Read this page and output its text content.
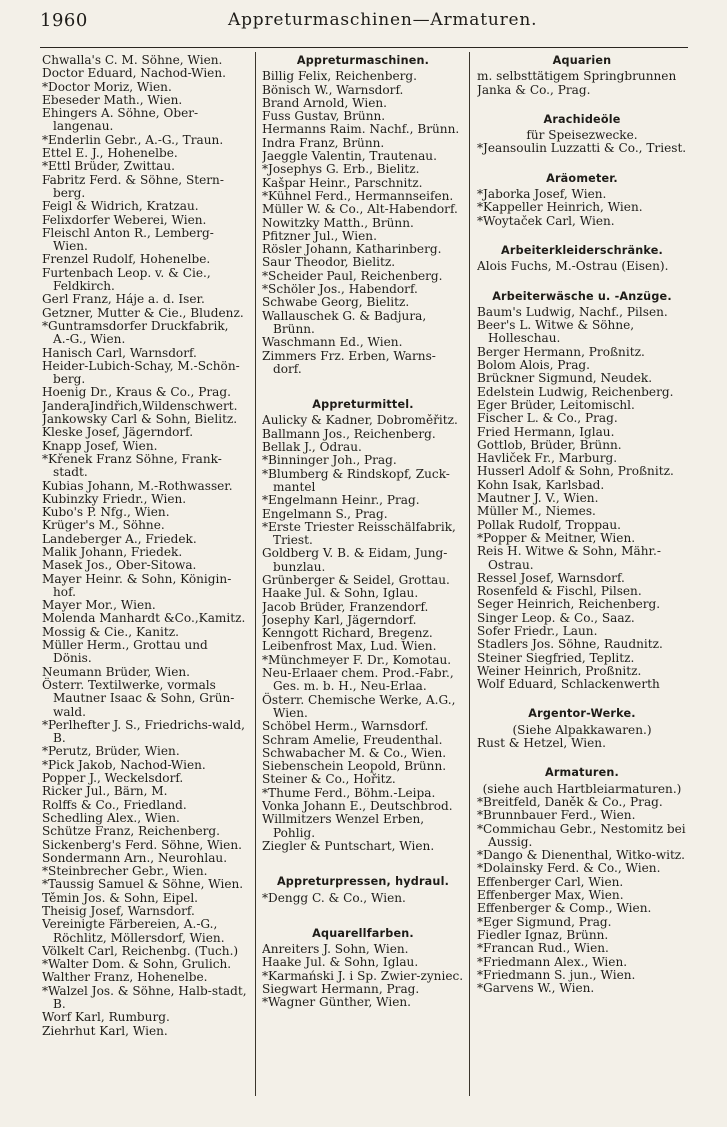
1960	Appreturmaschinen—Armaturen.
Chwalla's C. M. Söhne, Wien.
Doctor Eduard, Nachod-Wien.
*Doctor Moriz, Wien.
Ebeseder Math., Wien.
Ehingers A. Söhne, Ober-langenau.
*Enderlin Gebr., A.-G., Traun.
Ettel E. J., Hohenelbe.
*Ettl Brüder, Zwittau.
Fabritz Ferd. & Söhne, Stern-berg.
Feigl & Widrich, Kratzau.
Felixdorfer Weberei, Wien.
Fleischl Anton R., Lemberg-Wien.
Frenzel Rudolf, Hohenelbe.
Furtenbach Leop. v. & Cie., Feldkirch.
Gerl Franz, Háje a. d. Iser.
Getzner, Mutter & Cie., Bludenz.
*Guntramsdorfer Druckfabrik, A.-G., Wien.
Hanisch Carl, Warnsdorf.
Heider-Lubich-Schay, M.-Schön-berg.
Hoenig Dr., Kraus & Co., Prag.
JanderaJindřich,Wildenschwert.
Jankowsky Carl & Sohn, Bielitz.
Kleske Josef, Jägerndorf.
Knapp Josef, Wien.
*Křenek Franz Söhne, Frank-stadt.
Kubias Johann, M.-Rothwasser.
Kubinzky Friedr., Wien.
Kubo's P. Nfg., Wien.
Krüger's M., Söhne.
Landeberger A., Friedek.
Malik Johann, Friedek.
Masek Jos., Ober-Sitowa.
Mayer Heinr. & Sohn, Königin-hof.
Mayer Mor., Wien.
Molenda Manhardt &Co.,Kamitz.
Mossig & Cie., Kanitz.
Müller Herm., Grottau und Dönis.
Neumann Brüder, Wien.
Österr. Textilwerke, vormals Mautner Isaac & Sohn, Grün-wald.
*Perlhefter J. S., Friedrichs-wald, B.
*Perutz, Brüder, Wien.
*Pick Jakob, Nachod-Wien.
Popper J., Weckelsdorf.
Ricker Jul., Bärn, M.
Rolffs & Co., Friedland.
Schedling Alex., Wien.
Schütze Franz, Reichenberg.
Sickenberg's Ferd. Söhne, Wien.
Sondermann Arn., Neurohlau.
*Steinbrecher Gebr., Wien.
*Taussig Samuel & Söhne, Wien.
Těmin Jos. & Sohn, Eipel.
Theisig Josef, Warnsdorf.
Vereinigte Färbereien, A.-G., Röchlitz, Möllersdorf, Wien.
Völkelt Carl, Reichenbg. (Tuch.)
*Walter Dom. & Sohn, Grulich.
Walther Franz, Hohenelbe.
*Walzel Jos. & Söhne, Halb-stadt, B.
Worf Karl, Rumburg.
Ziehrhut Karl, Wien.
Appreturmaschinen.
Billig Felix, Reichenberg.
Bönisch W., Warnsdorf.
Brand Arnold, Wien.
Fuss Gustav, Brünn.
Hermanns Raim. Nachf., Brünn.
Indra Franz, Brünn.
Jaeggle Valentin, Trautenau.
*Josephys G. Erb., Bielitz.
Kašpar Heinr., Parschnitz.
*Kühnel Ferd., Hermannseifen.
Müller W. & Co., Alt-Habendorf.
Nowitzky Matth., Brünn.
Pfitzner Jul., Wien.
Rösler Johann, Katharinberg.
Saur Theodor, Bielitz.
*Scheider Paul, Reichenberg.
*Schöler Jos., Habendorf.
Schwabe Georg, Bielitz.
Wallauschek G. & Badjura, Brünn.
Waschmann Ed., Wien.
Zimmers Frz. Erben, Warns-dorf.
Appreturmittel.
Aulicky & Kadner, Dobroměřitz.
Ballmann Jos., Reichenberg.
Bellak J., Odrau.
*Binninger Joh., Prag.
*Blumberg & Rindskopf, Zuck-mantel
*Engelmann Heinr., Prag.
Engelmann S., Prag.
*Erste Triester Reisschälfabrik, Triest.
Goldberg V. B. & Eidam, Jung-bunzlau.
Grünberger & Seidel, Grottau.
Haake Jul. & Sohn, Iglau.
Jacob Brüder, Franzendorf.
Josephy Karl, Jägerndorf.
Kenngott Richard, Bregenz.
Leibenfrost Max, Lud. Wien.
*Münchmeyer F. Dr., Komotau.
Neu-Erlaaer chem. Prod.-Fabr., Ges. m. b. H., Neu-Erlaa.
Österr. Chemische Werke, A.G., Wien.
Schöbel Herm., Warnsdorf.
Schram Amelie, Freudenthal.
Schwabacher M. & Co., Wien.
Siebenschein Leopold, Brünn.
Steiner & Co., Hořitz.
*Thume Ferd., Böhm.-Leipa.
Vonka Johann E., Deutschbrod.
Willmitzers Wenzel Erben, Pohlig.
Ziegler & Puntschart, Wien.
Appreturpressen, hydraul.
*Dengg C. & Co., Wien.
Aquarellfarben.
Anreiters J. Sohn, Wien.
Haake Jul. & Sohn, Iglau.
*Karmański J. i Sp. Zwier-zyniec.
Siegwart Hermann, Prag.
*Wagner Günther, Wien.
Aquarien
m. selbsttätigem Springbrunnen
Janka & Co., Prag.
Arachideöle
für Speisezwecke.
*Jeansoulin Luzzatti & Co., Triest.
Aräometer.
*Jaborka Josef, Wien.
*Kappeller Heinrich, Wien.
*Woytaček Carl, Wien.
Arbeiterkleiderschränke.
Alois Fuchs, M.-Ostrau (Eisen).
Arbeiterwäsche u. -Anzüge.
Baum's Ludwig, Nachf., Pilsen.
Beer's L. Witwe & Söhne, Holleschau.
Berger Hermann, Proßnitz.
Bolom Alois, Prag.
Brückner Sigmund, Neudek.
Edelstein Ludwig, Reichenberg.
Eger Brüder, Leitomischl.
Fischer L. & Co., Prag.
Fried Hermann, Iglau.
Gottlob, Brüder, Brünn.
Havliček Fr., Marburg.
Husserl Adolf & Sohn, Proßnitz.
Kohn Isak, Karlsbad.
Mautner J. V., Wien.
Müller M., Niemes.
Pollak Rudolf, Troppau.
*Popper & Meitner, Wien.
Reis H. Witwe & Sohn, Mähr.-Ostrau.
Ressel Josef, Warnsdorf.
Rosenfeld & Fischl, Pilsen.
Seger Heinrich, Reichenberg.
Singer Leop. & Co., Saaz.
Sofer Friedr., Laun.
Stadlers Jos. Söhne, Raudnitz.
Steiner Siegfried, Teplitz.
Weiner Heinrich, Proßnitz.
Wolf Eduard, Schlackenwerth
Argentor-Werke.
(Siehe Alpakkawaren.)
Rust & Hetzel, Wien.
Armaturen.
(siehe auch Hartbleiarmaturen.)
*Breitfeld, Daněk & Co., Prag.
*Brunnbauer Ferd., Wien.
*Commichau Gebr., Nestomitz bei Aussig.
*Dango & Dienenthal, Witko-witz.
*Dolainsky Ferd. & Co., Wien.
Effenberger Carl, Wien.
Effenberger Max, Wien.
Effenberger & Comp., Wien.
*Eger Sigmund, Prag.
Fiedler Ignaz, Brünn.
*Francan Rud., Wien.
*Friedmann Alex., Wien.
*Friedmann S. jun., Wien.
*Garvens W., Wien.
